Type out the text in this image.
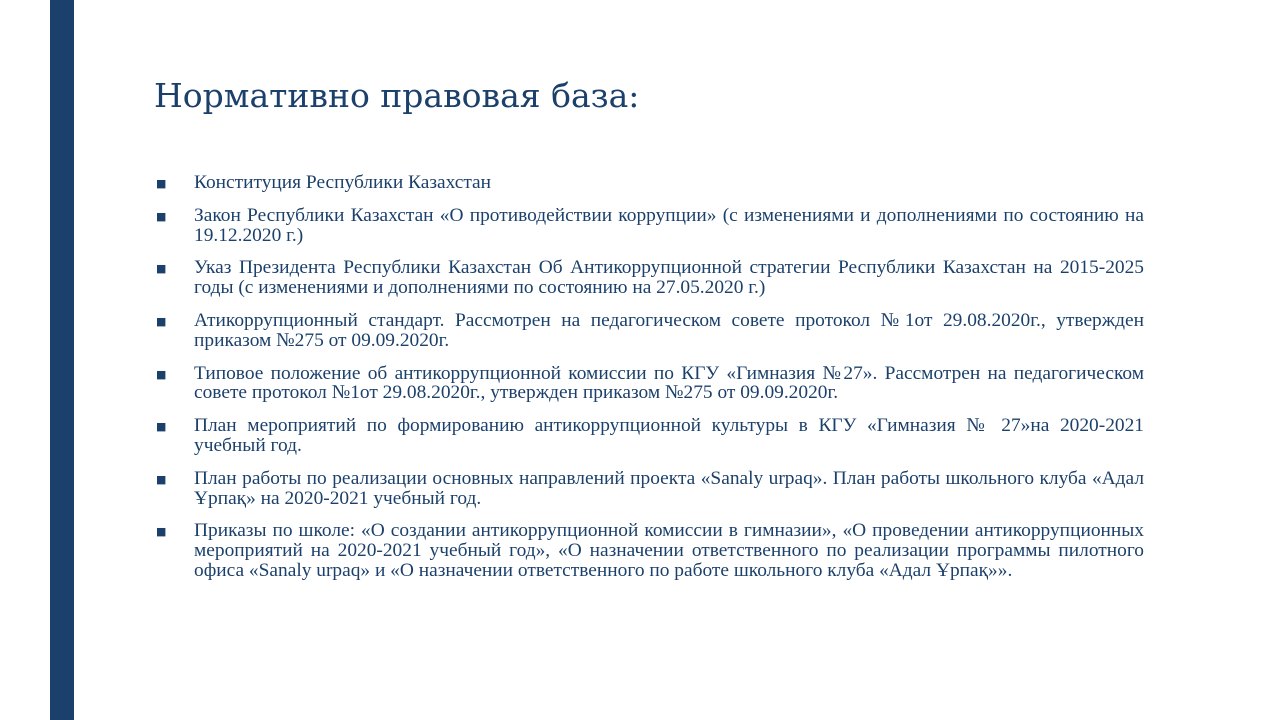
Нормативно правовая база:
■ Конституция Республики Казахстан
■ Закон Республики Казахстан «О противодействии коррупции» (с изменениями и дополнениями по состоянию на 19.12.2020 г.)
■ Указ Президента Республики Казахстан Об Антикоррупционной стратегии Республики Казахстан на 2015-2025 годы (с изменениями и дополнениями по состоянию на 27.05.2020 г.)
■ Атикоррупционный стандарт. Рассмотрен на педагогическом совете протокол №1от 29.08.2020г., утвержден приказом №275 от 09.09.2020г.
■ Типовое положение об антикоррупционной комиссии по КГУ «Гимназия №27». Рассмотрен на педагогическом совете протокол №1от 29.08.2020г., утвержден приказом №275 от 09.09.2020г.
■ План мероприятий по формированию антикоррупционной культуры в КГУ «Гимназия № 27»на 2020-2021 учебный год.
■ План работы по реализации основных направлений проекта «Sanaly urpaq». План работы школьного клуба «Адал Ұрпақ» на 2020-2021 учебный год.
■ Приказы по школе: «О создании антикоррупционной комиссии в гимназии», «О проведении антикоррупционных мероприятий на 2020-2021 учебный год», «О назначении ответственного по реализации программы пилотного офиса «Sanaly urpaq» и «О назначении ответственного по работе школьного клуба «Адал Ұрпақ»».
